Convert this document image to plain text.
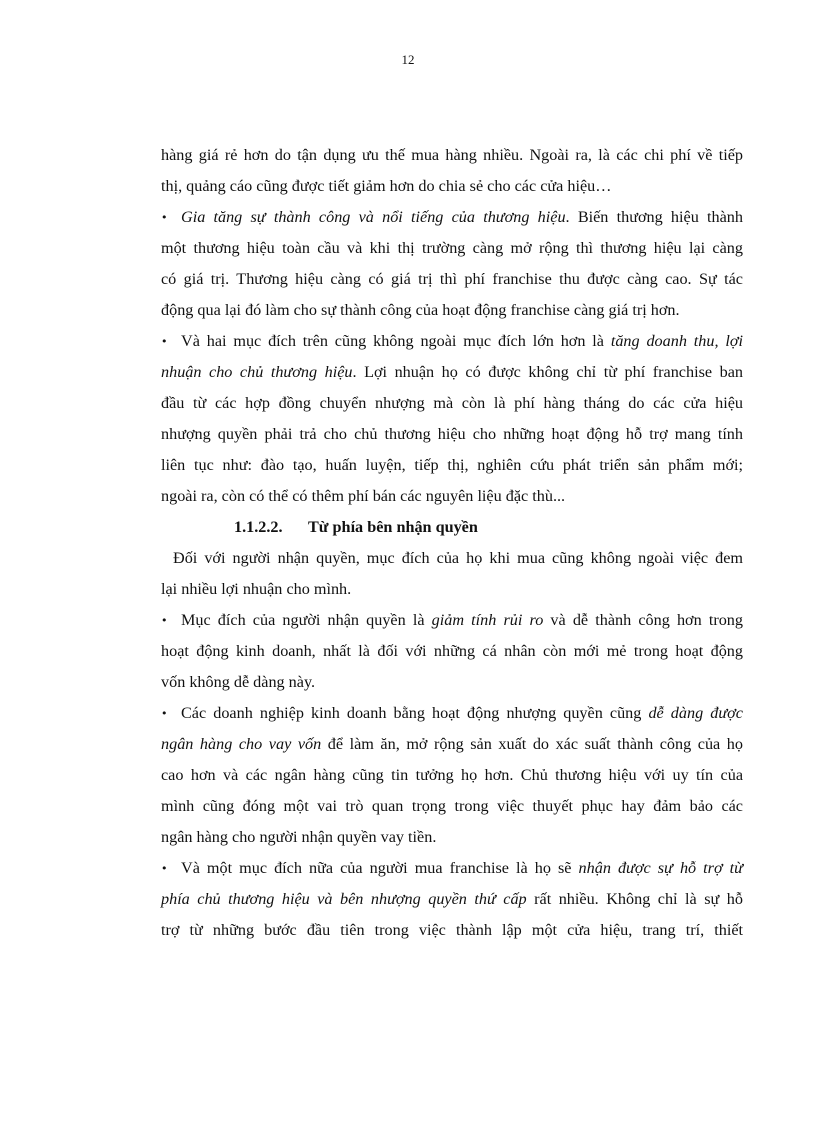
12
hàng giá rẻ hơn do tận dụng ưu thế mua hàng nhiều. Ngoài ra, là các chi phí về tiếp
thị, quảng cáo cũng được tiết giảm hơn do chia sẻ cho các cửa hiệu…
• Gia tăng sự thành công và nổi tiếng của thương hiệu. Biến thương hiệu thành
một thương hiệu toàn cầu và khi thị trường càng mở rộng thì thương hiệu lại càng
có giá trị. Thương hiệu càng có giá trị thì phí franchise thu được càng cao. Sự tác
động qua lại đó làm cho sự thành công của hoạt động franchise càng giá trị hơn.
• Và hai mục đích trên cũng không ngoài mục đích lớn hơn là tăng doanh thu, lợi
nhuận cho chủ thương hiệu. Lợi nhuận họ có được không chỉ từ phí franchise ban
đầu từ các hợp đồng chuyển nhượng mà còn là phí hàng tháng do các cửa hiệu
nhượng quyền phải trả cho chủ thương hiệu cho những hoạt động hỗ trợ mang tính
liên tục như: đào tạo, huấn luyện, tiếp thị, nghiên cứu phát triển sản phẩm mới;
ngoài ra, còn có thể có thêm phí bán các nguyên liệu đặc thù...
1.1.2.2. Từ phía bên nhận quyền
Đối với người nhận quyền, mục đích của họ khi mua cũng không ngoài việc đem
lại nhiều lợi nhuận cho mình.
• Mục đích của người nhận quyền là giảm tính rủi ro và dễ thành công hơn trong
hoạt động kinh doanh, nhất là đối với những cá nhân còn mới mẻ trong hoạt động
vốn không dễ dàng này.
• Các doanh nghiệp kinh doanh bằng hoạt động nhượng quyền cũng dễ dàng được
ngân hàng cho vay vốn để làm ăn, mở rộng sản xuất do xác suất thành công của họ
cao hơn và các ngân hàng cũng tin tưởng họ hơn. Chủ thương hiệu với uy tín của
mình cũng đóng một vai trò quan trọng trong việc thuyết phục hay đảm bảo các
ngân hàng cho người nhận quyền vay tiền.
• Và một mục đích nữa của người mua franchise là họ sẽ nhận được sự hỗ trợ từ
phía chủ thương hiệu và bên nhượng quyền thứ cấp rất nhiều. Không chỉ là sự hỗ
trợ từ những bước đầu tiên trong việc thành lập một cửa hiệu, trang trí, thiết
